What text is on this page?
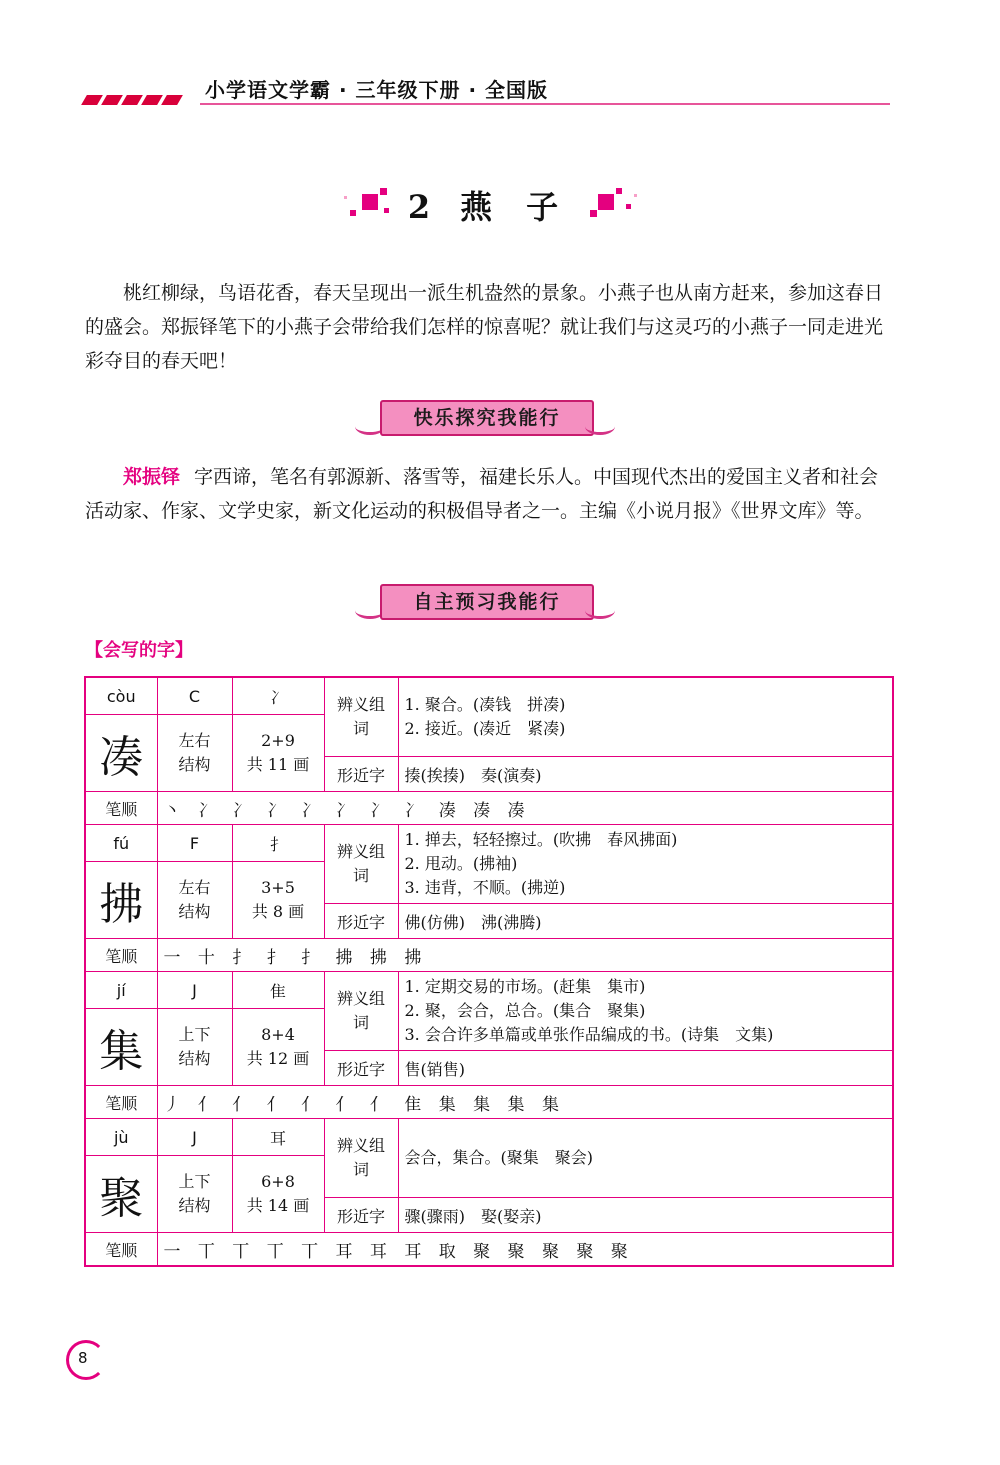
小学语文学霸 · 三年级下册 · 全国版
2 燕子
桃红柳绿，鸟语花香，春天呈现出一派生机盎然的景象。小燕子也从南方赶来，参加这春日的盛会。郑振铎笔下的小燕子会带给我们怎样的惊喜呢？就让我们与这灵巧的小燕子一同走进光彩夺目的春天吧！
快乐探究我能行
郑振铎 字西谛，笔名有郭源新、落雪等，福建长乐人。中国现代杰出的爱国主义者和社会活动家、作家、文学史家，新文化运动的积极倡导者之一。主编《小说月报》《世界文库》等。
自主预习我能行
【会写的字】
còu	C	冫	辨义组词	1. 聚合。(凑钱　拼凑)
2. 接近。(凑近　紧凑)

凑	左右结构	2+9
共 11 画		

			形近字	揍(挨揍)　奏(演奏)
笔顺	丶 冫 冫 冫 冫 冫 冫 冫 凑 凑 凑			
fú	F	扌	辨义组词	1. 掸去，轻轻擦过。(吹拂　春风拂面)
2. 甩动。(拂袖)
3. 违背，不顺。(拂逆)

拂	左右结构	3+5
共 8 画		

			形近字	佛(仿佛)　沸(沸腾)
笔顺	一 十 扌 扌 扌 拂 拂 拂			
jí	J	隹	辨义组词	1. 定期交易的市场。(赶集　集市)
2. 聚，会合，总合。(集合　聚集)
3. 会合许多单篇或单张作品编成的书。(诗集　文集)

集	上下结构	8+4
共 12 画		

			形近字	售(销售)
笔顺	丿 亻 亻 亻 亻 亻 亻 隹 集 集 集 集			
jù	J	耳	辨义组词	会合，集合。(聚集　聚会)

聚	上下结构	6+8
共 14 画		

			形近字	骤(骤雨)　娶(娶亲)
笔顺	一 丅 丅 丅 丅 耳 耳 耳 取 聚 聚 聚 聚 聚			
8
